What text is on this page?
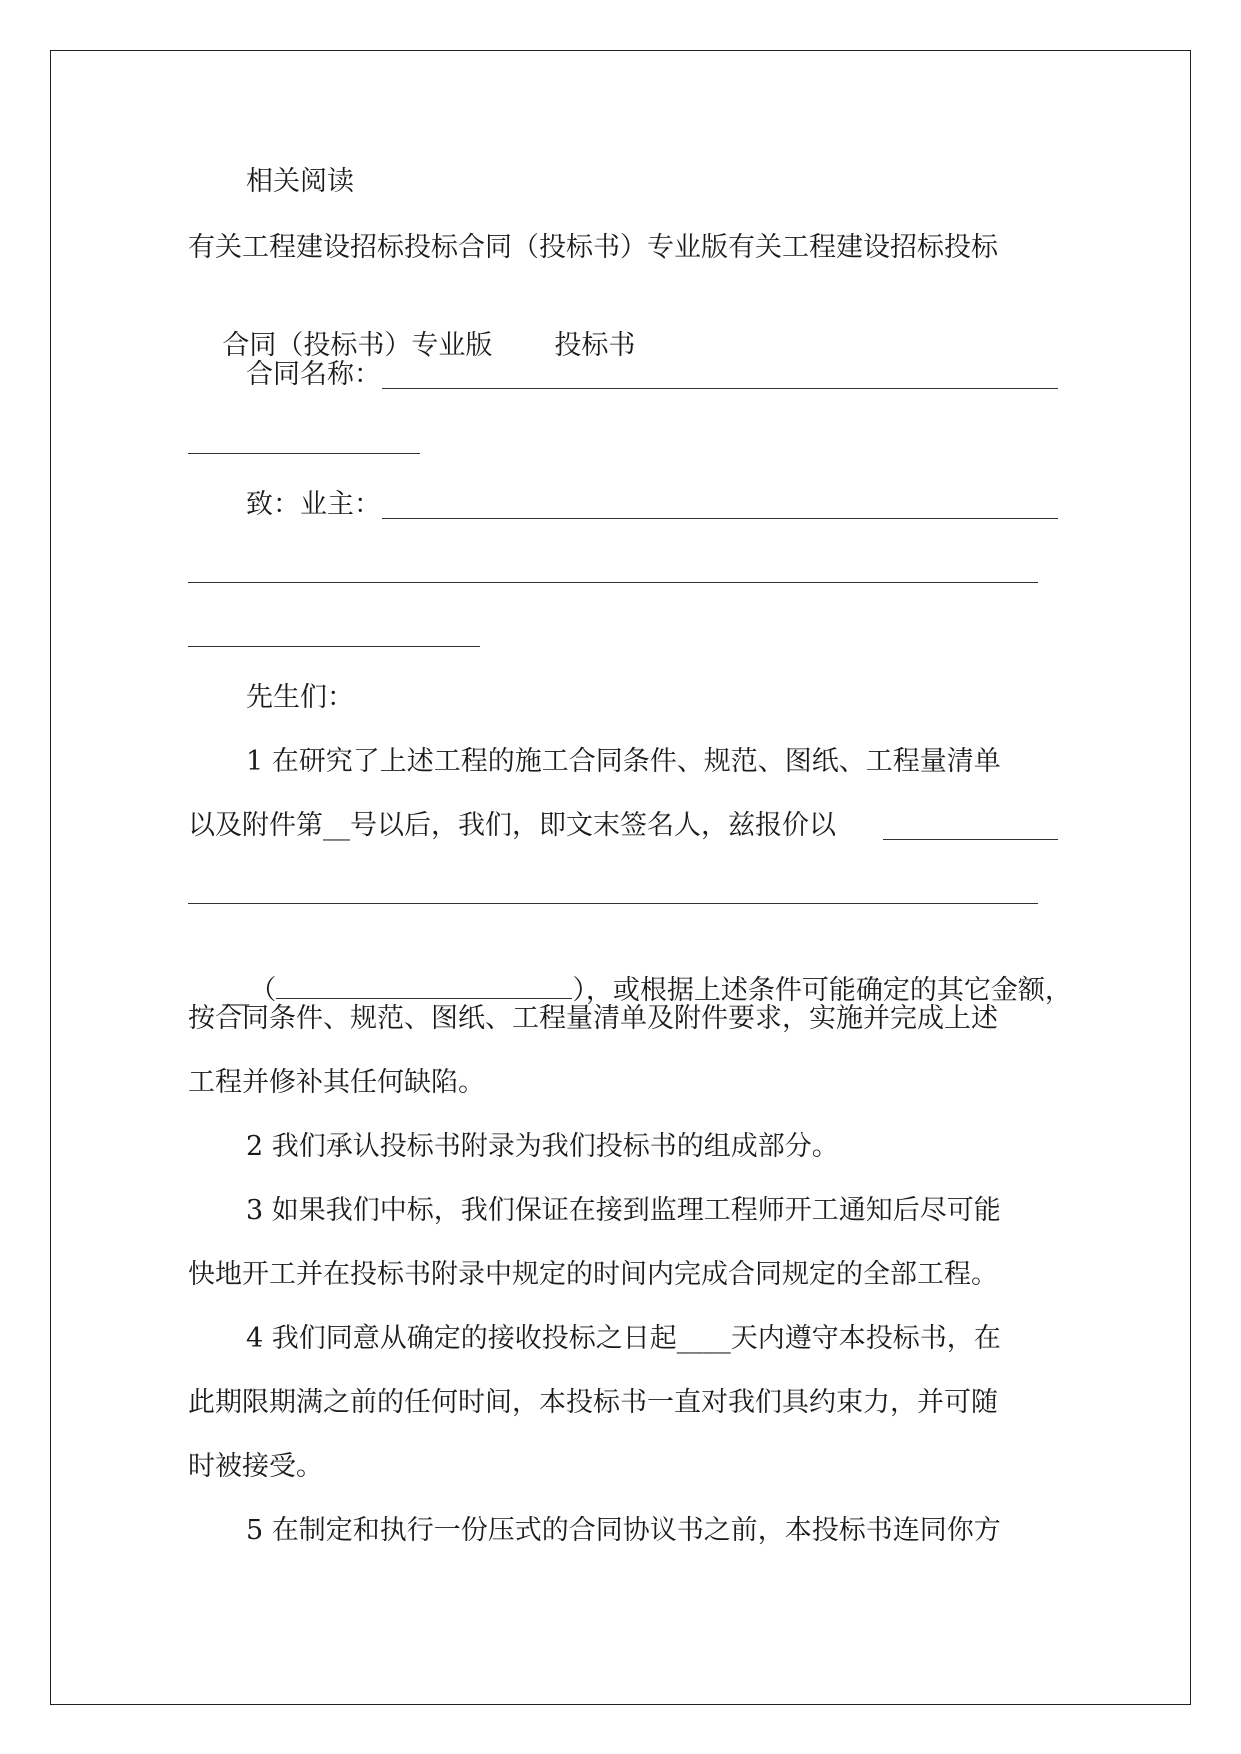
相关阅读
有关工程建设招标投标合同（投标书）专业版有关工程建设招标投标

合同（投标书）专业版 投标书

合同名称：
致：业主：
先生们：
1 在研究了上述工程的施工合同条件、规范、图纸、工程量清单
以及附件第__号以后，我们，即文末签名人，兹报价以

__（	），或根据上述条件可能确定的其它金额，

按合同条件、规范、图纸、工程量清单及附件要求，实施并完成上述
工程并修补其任何缺陷。
2 我们承认投标书附录为我们投标书的组成部分。
3 如果我们中标，我们保证在接到监理工程师开工通知后尽可能
快地开工并在投标书附录中规定的时间内完成合同规定的全部工程。
4 我们同意从确定的接收投标之日起____天内遵守本投标书，在
此期限期满之前的任何时间，本投标书一直对我们具约束力，并可随
时被接受。
5 在制定和执行一份压式的合同协议书之前，本投标书连同你方
